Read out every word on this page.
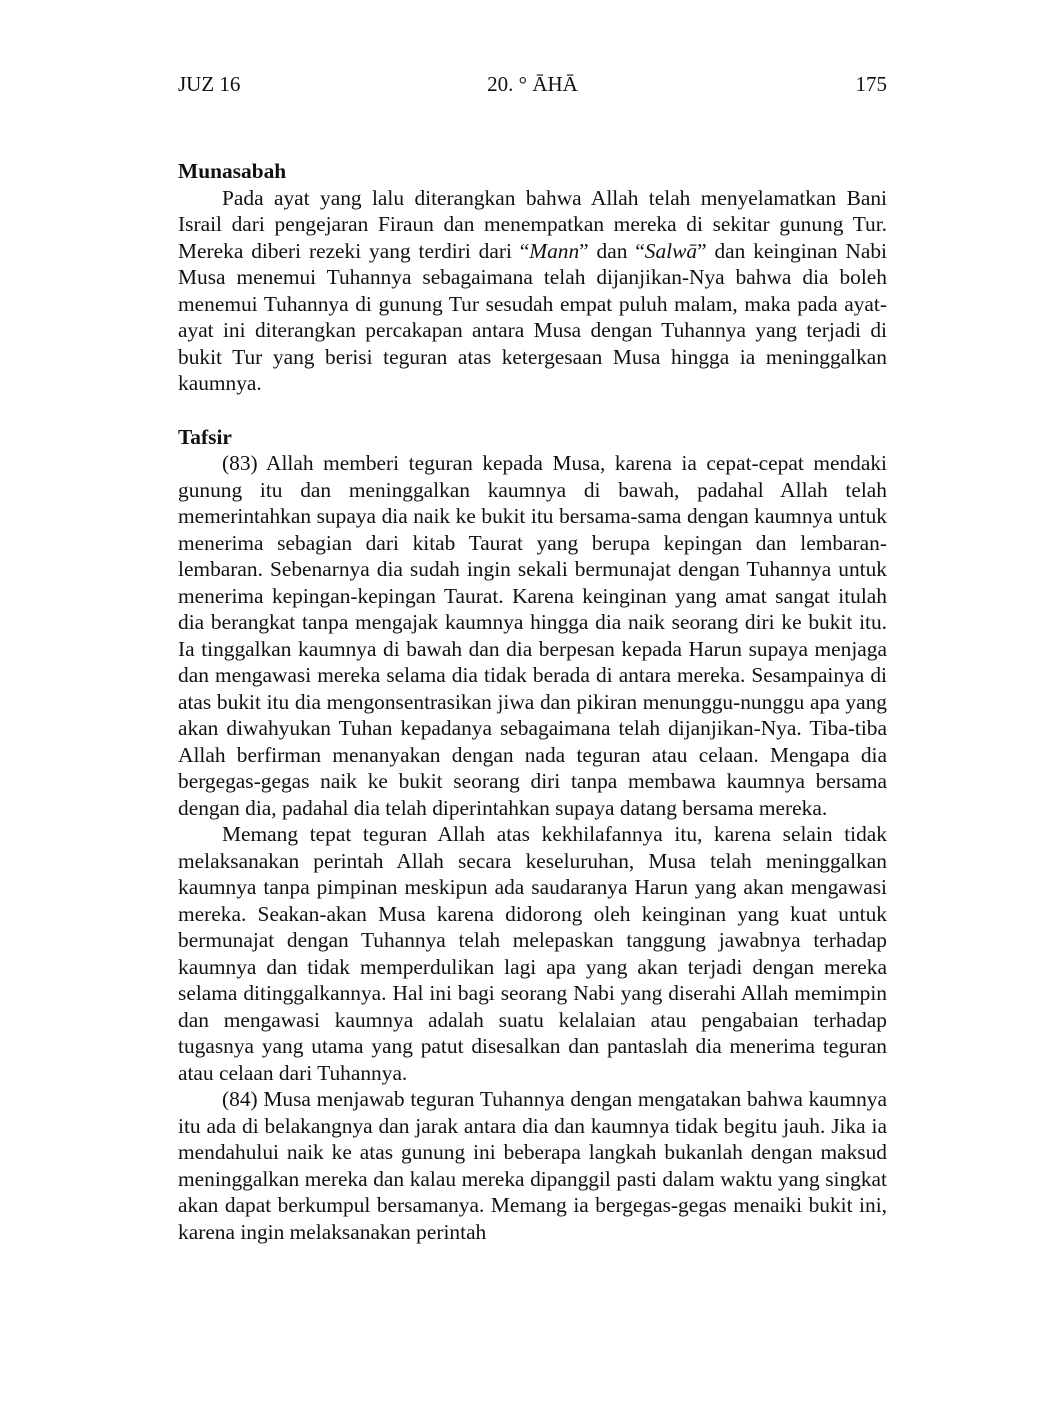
JUZ 16	20. ° ĀHĀ	175
Munasabah

Pada ayat yang lalu diterangkan bahwa Allah telah menyelamatkan Bani Israil dari pengejaran Firaun dan menempatkan mereka di sekitar gunung Tur. Mereka diberi rezeki yang terdiri dari “Mann” dan “Salwā” dan keinginan Nabi Musa menemui Tuhannya sebagaimana telah dijanjikan-Nya bahwa dia boleh menemui Tuhannya di gunung Tur sesudah empat puluh malam, maka pada ayat-ayat ini diterangkan percakapan antara Musa dengan Tuhannya yang terjadi di bukit Tur yang berisi teguran atas ketergesaan Musa hingga ia meninggalkan kaumnya.

Tafsir

(83) Allah memberi teguran kepada Musa, karena ia cepat-cepat mendaki gunung itu dan meninggalkan kaumnya di bawah, padahal Allah telah memerintahkan supaya dia naik ke bukit itu bersama-sama dengan kaumnya untuk menerima sebagian dari kitab Taurat yang berupa kepingan dan lembaran-lembaran. Sebenarnya dia sudah ingin sekali bermunajat dengan Tuhannya untuk menerima kepingan-kepingan Taurat. Karena keinginan yang amat sangat itulah dia berangkat tanpa mengajak kaumnya hingga dia naik seorang diri ke bukit itu. Ia tinggalkan kaumnya di bawah dan dia berpesan kepada Harun supaya menjaga dan mengawasi mereka selama dia tidak berada di antara mereka. Sesampainya di atas bukit itu dia mengonsentrasikan jiwa dan pikiran menunggu-nunggu apa yang akan diwahyukan Tuhan kepadanya sebagaimana telah dijanjikan-Nya. Tiba-tiba Allah berfirman menanyakan dengan nada teguran atau celaan. Mengapa dia bergegas-gegas naik ke bukit seorang diri tanpa membawa kaumnya bersama dengan dia, padahal dia telah diperintahkan supaya datang bersama mereka.

Memang tepat teguran Allah atas kekhilafannya itu, karena selain tidak melaksanakan perintah Allah secara keseluruhan, Musa telah meninggalkan kaumnya tanpa pimpinan meskipun ada saudaranya Harun yang akan mengawasi mereka. Seakan-akan Musa karena didorong oleh keinginan yang kuat untuk bermunajat dengan Tuhannya telah melepaskan tanggung jawabnya terhadap kaumnya dan tidak memperdulikan lagi apa yang akan terjadi dengan mereka selama ditinggalkannya. Hal ini bagi seorang Nabi yang diserahi Allah memimpin dan mengawasi kaumnya adalah suatu kelalaian atau pengabaian terhadap tugasnya yang utama yang patut disesalkan dan pantaslah dia menerima teguran atau celaan dari Tuhannya.

(84) Musa menjawab teguran Tuhannya dengan mengatakan bahwa kaumnya itu ada di belakangnya dan jarak antara dia dan kaumnya tidak begitu jauh. Jika ia mendahului naik ke atas gunung ini beberapa langkah bukanlah dengan maksud meninggalkan mereka dan kalau mereka dipanggil pasti dalam waktu yang singkat akan dapat berkumpul bersamanya. Memang ia bergegas-gegas menaiki bukit ini, karena ingin melaksanakan perintah
